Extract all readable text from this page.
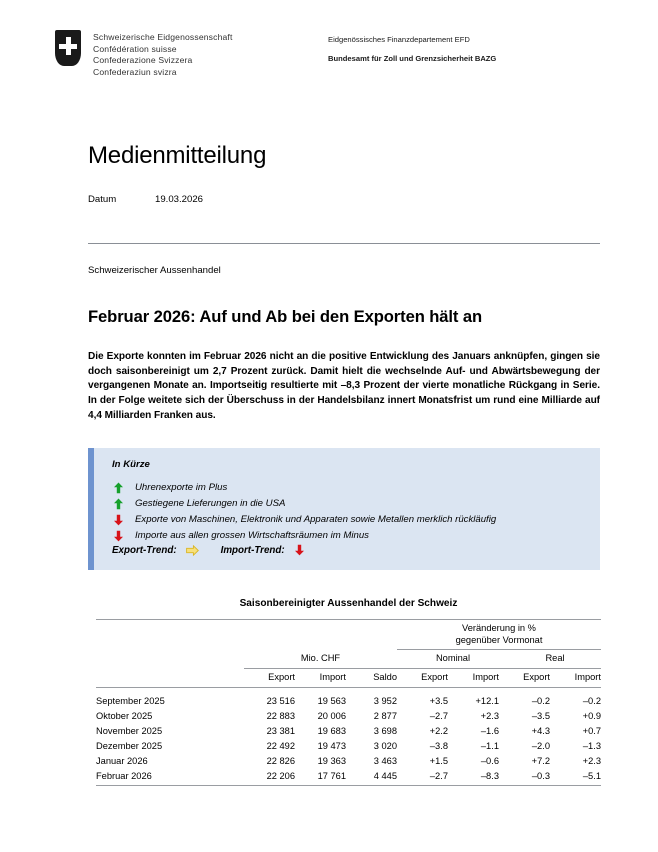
Schweizerische Eidgenossenschaft
Confédération suisse
Confederazione Svizzera
Confederaziun svizra
Eidgenössisches Finanzdepartement EFD
Bundesamt für Zoll und Grenzsicherheit BAZG
Medienmitteilung
Datum	19.03.2026
Schweizerischer Aussenhandel
Februar 2026: Auf und Ab bei den Exporten hält an
Die Exporte konnten im Februar 2026 nicht an die positive Entwicklung des Januars anknüpfen, gingen sie doch saisonbereinigt um 2,7 Prozent zurück. Damit hielt die wechselnde Auf- und Abwärtsbewegung der vergangenen Monate an. Importseitig resultierte mit –8,3 Prozent der vierte monatliche Rückgang in Serie. In der Folge weitete sich der Überschuss in der Handelsbilanz innert Monatsfrist um rund eine Milliarde auf 4,4 Milliarden Franken aus.
In Kürze
Uhrenexporte im Plus
Gestiegene Lieferungen in die USA
Exporte von Maschinen, Elektronik und Apparaten sowie Metallen merklich rückläufig
Importe aus allen grossen Wirtschaftsräumen im Minus
Export-Trend:	Import-Trend:
Saisonbereinigter Aussenhandel der Schweiz

				Veränderung in %
gegenüber Vormonat			

	Mio. CHF			Nominal		Real	
	Export	Import	Saldo	Export	Import	Export	Import

September 2025	23 516	19 563	3 952	+3.5	+12.1	–0.2	–0.2
Oktober 2025	22 883	20 006	2 877	–2.7	+2.3	–3.5	+0.9
November 2025	23 381	19 683	3 698	+2.2	–1.6	+4.3	+0.7
Dezember 2025	22 492	19 473	3 020	–3.8	–1.1	–2.0	–1.3
Januar 2026	22 826	19 363	3 463	+1.5	–0.6	+7.2	+2.3
Februar 2026	22 206	17 761	4 445	–2.7	–8.3	–0.3	–5.1
